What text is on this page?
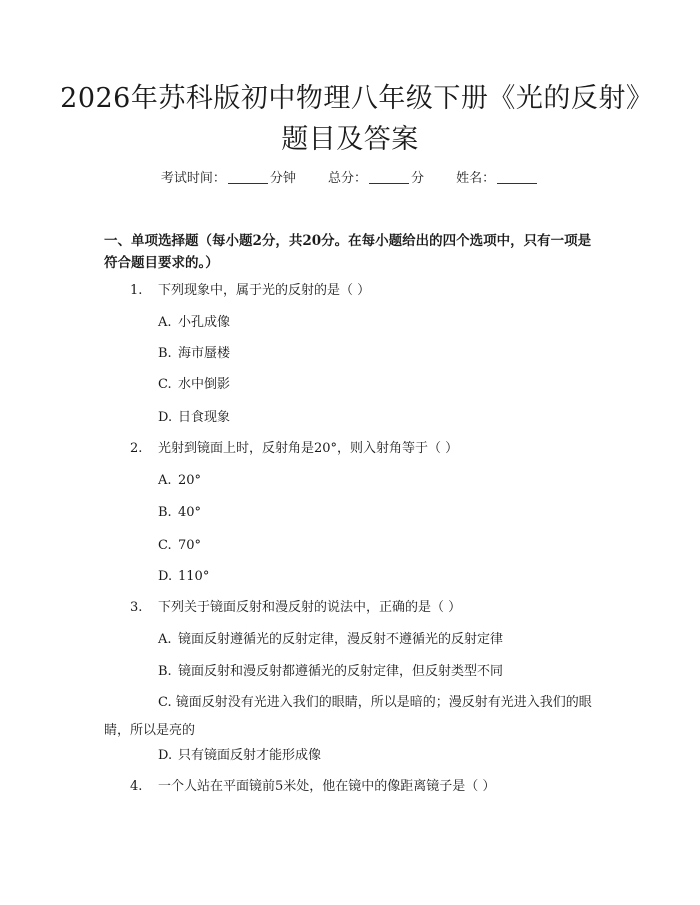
2026年苏科版初中物理八年级下册《光的反射》题目及答案
考试时间：	分钟 总分：	分 姓名：
一、单项选择题（每小题2分，共20分。在每小题给出的四个选项中，只有一项是符合题目要求的。）
1. 下列现象中，属于光的反射的是（ ）
A. 小孔成像
B. 海市蜃楼
C. 水中倒影
D. 日食现象
2. 光射到镜面上时，反射角是20°，则入射角等于（ ）
A. 20°
B. 40°
C. 70°
D. 110°
3. 下列关于镜面反射和漫反射的说法中，正确的是（ ）
A. 镜面反射遵循光的反射定律，漫反射不遵循光的反射定律
B. 镜面反射和漫反射都遵循光的反射定律，但反射类型不同
C. 镜面反射没有光进入我们的眼睛，所以是暗的；漫反射有光进入我们的眼睛，所以是亮的
D. 只有镜面反射才能形成像
4. 一个人站在平面镜前5米处，他在镜中的像距离镜子是（ ）
